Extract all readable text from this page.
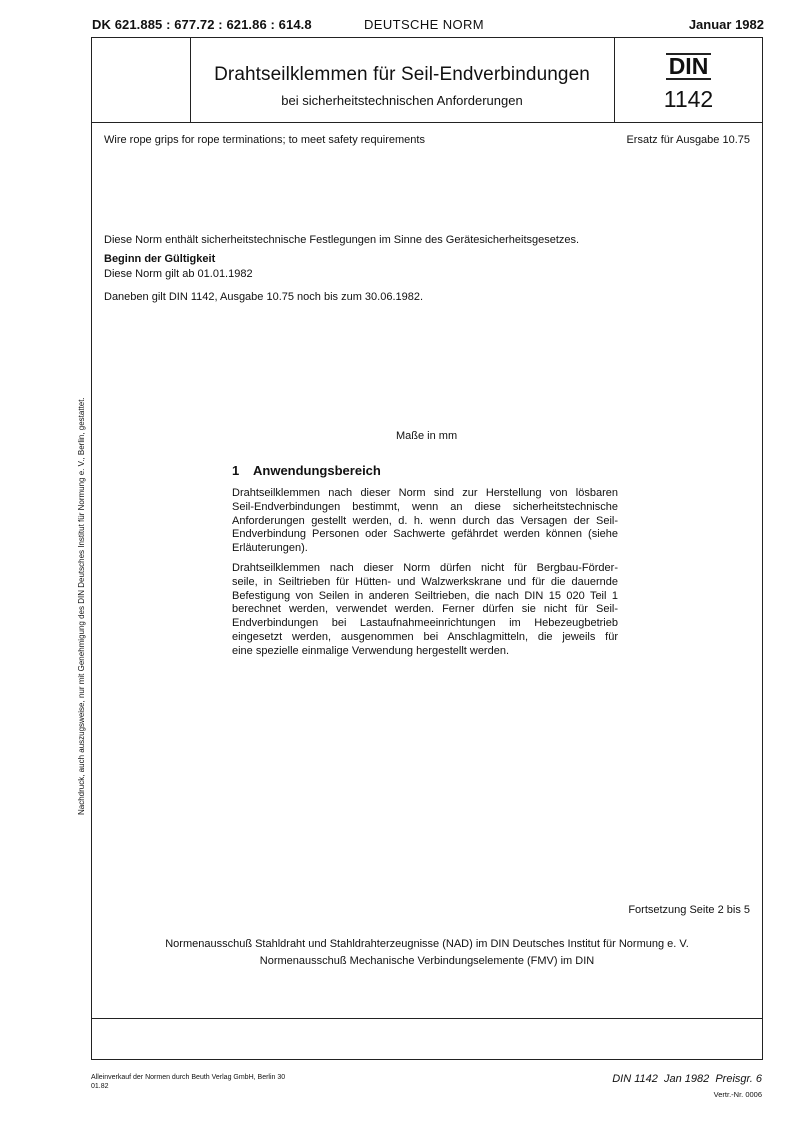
DK 621.885 : 677.72 : 621.86 : 614.8	DEUTSCHE NORM	Januar 1982
Drahtseilklemmen für Seil-Endverbindungen
bei sicherheitstechnischen Anforderungen
DIN
1142
Wire rope grips for rope terminations; to meet safety requirements	Ersatz für Ausgabe 10.75
Diese Norm enthält sicherheitstechnische Festlegungen im Sinne des Gerätesicherheitsgesetzes.
Beginn der Gültigkeit
Diese Norm gilt ab 01.01.1982
Daneben gilt DIN 1142, Ausgabe 10.75 noch bis zum 30.06.1982.
Nachdruck, auch auszugsweise, nur mit Genehmigung des DIN Deutsches Institut für Normung e. V., Berlin, gestattet.	Maße in mm
1 Anwendungsbereich
Drahtseilklemmen nach dieser Norm sind zur Herstellung von lösbaren
Seil-Endverbindungen bestimmt, wenn an diese sicherheitstechnische
Anforderungen gestellt werden, d. h. wenn durch das Versagen der Seil-
Endverbindung Personen oder Sachwerte gefährdet werden können (siehe
Erläuterungen).
Drahtseilklemmen nach dieser Norm dürfen nicht für Bergbau-Förder-
seile, in Seiltrieben für Hütten- und Walzwerkskrane und für die dauernde
Befestigung von Seilen in anderen Seiltrieben, die nach DIN 15 020 Teil 1
berechnet werden, verwendet werden. Ferner dürfen sie nicht für Seil-
Endverbindungen bei Lastaufnahmeeinrichtungen im Hebezeugbetrieb
eingesetzt werden, ausgenommen bei Anschlagmitteln, die jeweils für
eine spezielle einmalige Verwendung hergestellt werden.
Fortsetzung Seite 2 bis 5
Normenausschuß Stahldraht und Stahldrahterzeugnisse (NAD) im DIN Deutsches Institut für Normung e. V.
Normenausschuß Mechanische Verbindungselemente (FMV) im DIN
Alleinverkauf der Normen durch Beuth Verlag GmbH, Berlin 30
01.82
DIN 1142  Jan 1982  Preisgr. 6
Vertr.-Nr. 0006
